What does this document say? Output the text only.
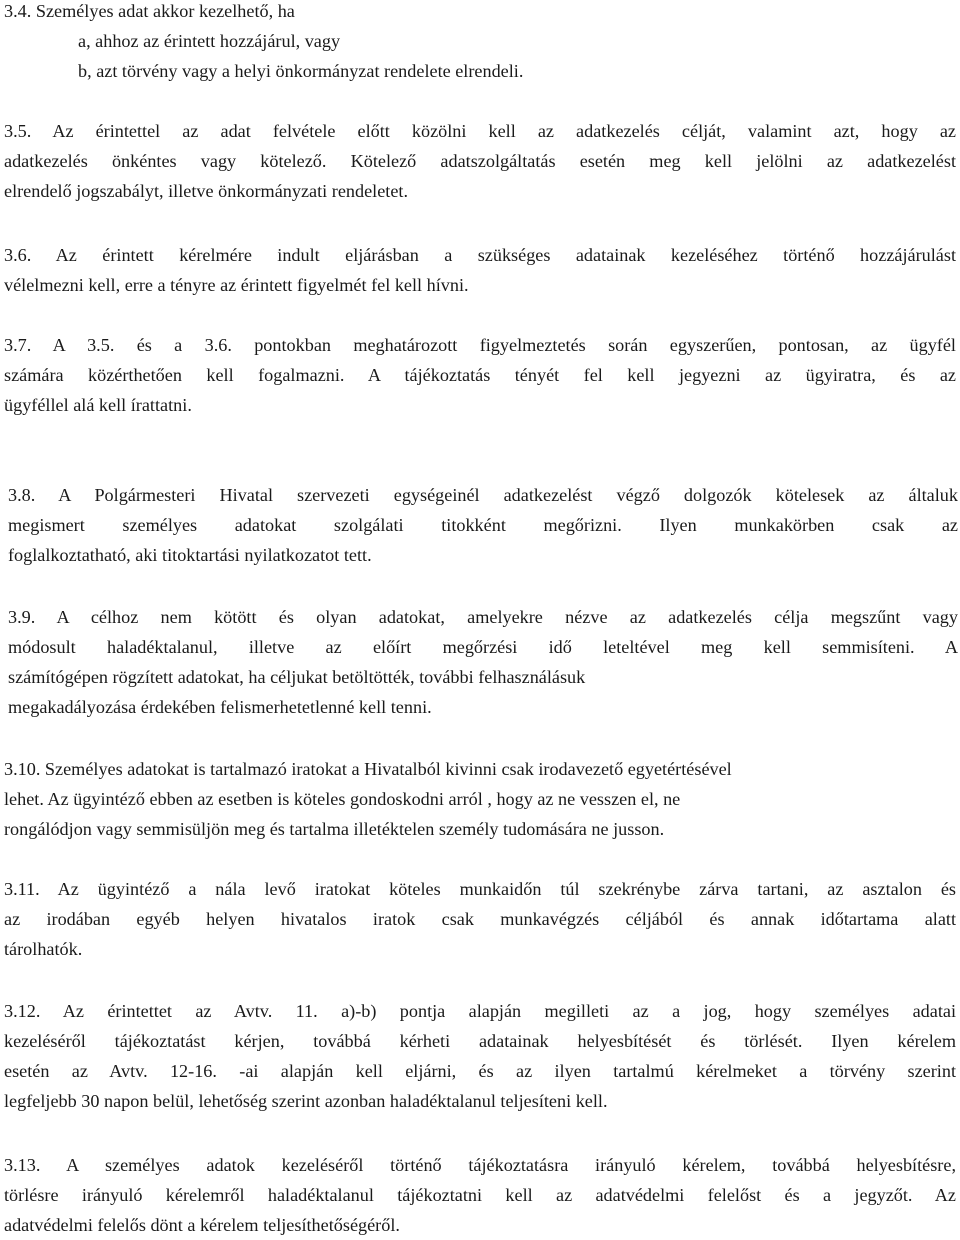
3.4. Személyes adat akkor kezelhető, ha
a, ahhoz az érintett hozzájárul, vagy
b, azt törvény vagy a helyi önkormányzat rendelete elrendeli.
3.5. Az érintettel az adat felvétele előtt közölni kell az adatkezelés célját, valamint azt, hogy az
adatkezelés önkéntes vagy kötelező. Kötelező adatszolgáltatás esetén meg kell jelölni az adatkezelést
elrendelő jogszabályt, illetve önkormányzati rendeletet.
3.6. Az érintett kérelmére indult eljárásban a szükséges adatainak kezeléséhez történő hozzájárulást
vélelmezni kell, erre a tényre az érintett figyelmét fel kell hívni.
3.7. A 3.5. és a 3.6. pontokban meghatározott figyelmeztetés során egyszerűen, pontosan, az ügyfél
számára közérthetően kell fogalmazni. A tájékoztatás tényét fel kell jegyezni az ügyiratra, és az
ügyféllel alá kell írattatni.
3.8. A Polgármesteri Hivatal szervezeti egységeinél adatkezelést végző dolgozók kötelesek az általuk
megismert személyes adatokat szolgálati titokként megőrizni. Ilyen munkakörben csak az
foglalkoztatható, aki titoktartási nyilatkozatot tett.
3.9. A célhoz nem kötött és olyan adatokat, amelyekre nézve az adatkezelés célja megszűnt vagy
módosult haladéktalanul, illetve az előírt megőrzési idő leteltével meg kell semmisíteni. A
számítógépen rögzített adatokat, ha céljukat betöltötték, további felhasználásuk
megakadályozása érdekében felismerhetetlenné kell tenni.
3.10. Személyes adatokat is tartalmazó iratokat a Hivatalból kivinni csak irodavezető egyetértésével
lehet. Az ügyintéző ebben az esetben is köteles gondoskodni arról , hogy az ne vesszen el, ne
rongálódjon vagy semmisüljön meg és tartalma illetéktelen személy tudomására ne jusson.
3.11. Az ügyintéző a nála levő iratokat köteles munkaidőn túl szekrénybe zárva tartani, az asztalon és
az irodában egyéb helyen hivatalos iratok csak munkavégzés céljából és annak időtartama alatt
tárolhatók.
3.12. Az érintettet az Avtv. 11. a)-b) pontja alapján megilleti az a jog, hogy személyes adatai
kezeléséről tájékoztatást kérjen, továbbá kérheti adatainak helyesbítését és törlését. Ilyen kérelem
esetén az Avtv. 12-16. -ai alapján kell eljárni, és az ilyen tartalmú kérelmeket a törvény szerint
legfeljebb 30 napon belül, lehetőség szerint azonban haladéktalanul teljesíteni kell.
3.13. A személyes adatok kezeléséről történő tájékoztatásra irányuló kérelem, továbbá helyesbítésre,
törlésre irányuló kérelemről haladéktalanul tájékoztatni kell az adatvédelmi felelőst és a jegyzőt. Az
adatvédelmi felelős dönt a kérelem teljesíthetőségéről.
